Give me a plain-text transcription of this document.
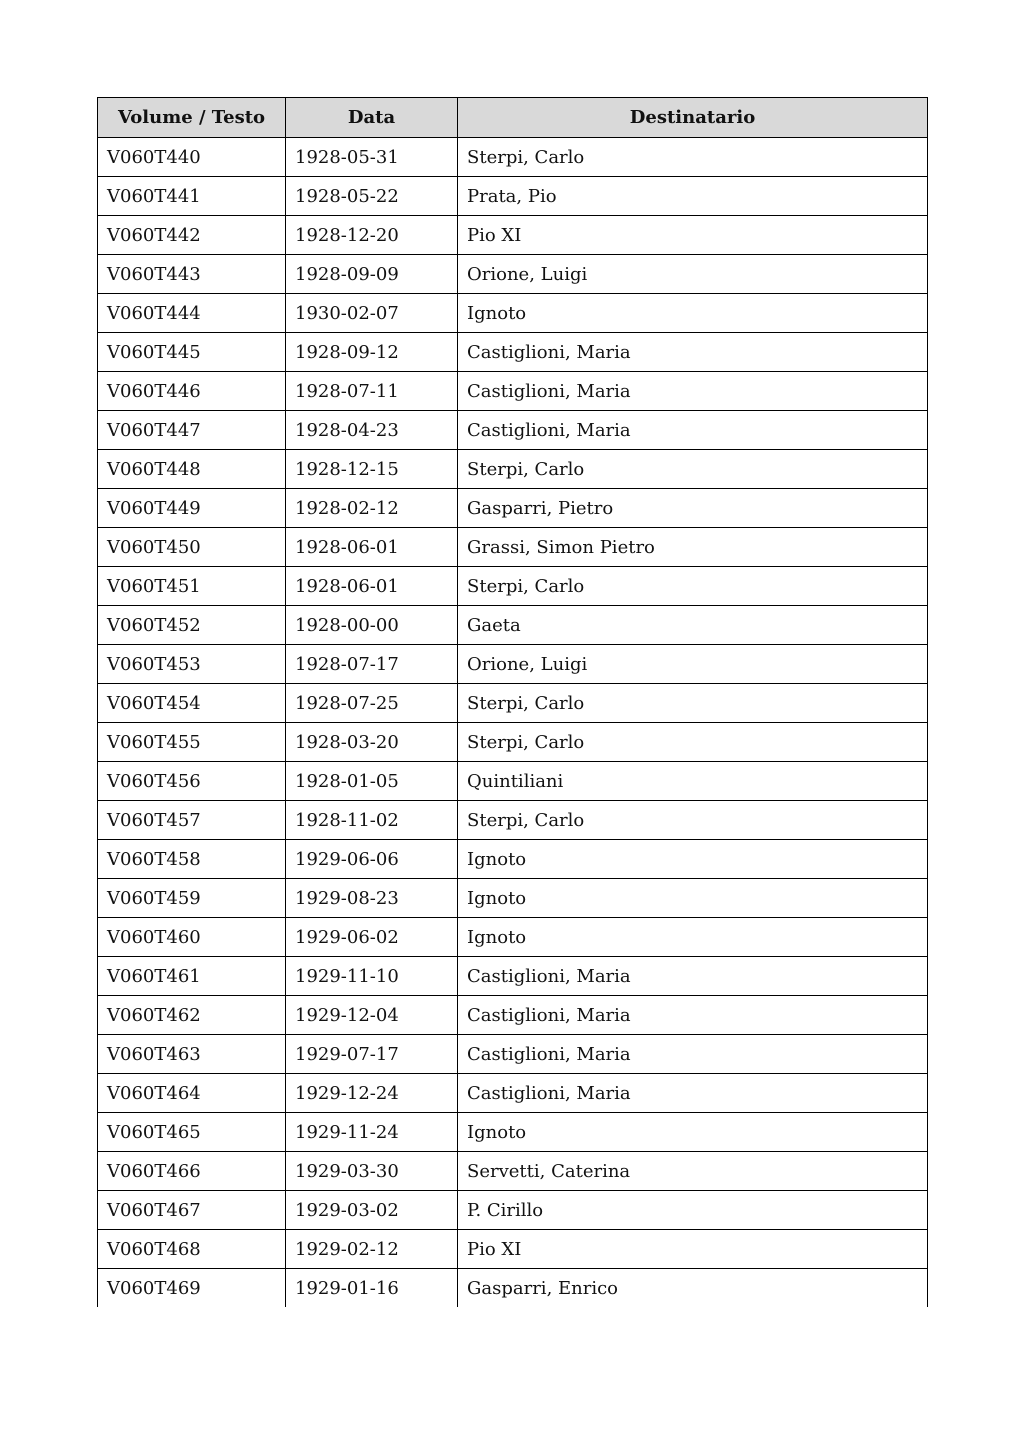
Volume / Testo	Data	Destinatario
V060T440	1928-05-31	Sterpi, Carlo
V060T441	1928-05-22	Prata, Pio
V060T442	1928-12-20	Pio XI
V060T443	1928-09-09	Orione, Luigi
V060T444	1930-02-07	Ignoto
V060T445	1928-09-12	Castiglioni, Maria
V060T446	1928-07-11	Castiglioni, Maria
V060T447	1928-04-23	Castiglioni, Maria
V060T448	1928-12-15	Sterpi, Carlo
V060T449	1928-02-12	Gasparri, Pietro
V060T450	1928-06-01	Grassi, Simon Pietro
V060T451	1928-06-01	Sterpi, Carlo
V060T452	1928-00-00	Gaeta
V060T453	1928-07-17	Orione, Luigi
V060T454	1928-07-25	Sterpi, Carlo
V060T455	1928-03-20	Sterpi, Carlo
V060T456	1928-01-05	Quintiliani
V060T457	1928-11-02	Sterpi, Carlo
V060T458	1929-06-06	Ignoto
V060T459	1929-08-23	Ignoto
V060T460	1929-06-02	Ignoto
V060T461	1929-11-10	Castiglioni, Maria
V060T462	1929-12-04	Castiglioni, Maria
V060T463	1929-07-17	Castiglioni, Maria
V060T464	1929-12-24	Castiglioni, Maria
V060T465	1929-11-24	Ignoto
V060T466	1929-03-30	Servetti, Caterina
V060T467	1929-03-02	P. Cirillo
V060T468	1929-02-12	Pio XI
V060T469	1929-01-16	Gasparri, Enrico
